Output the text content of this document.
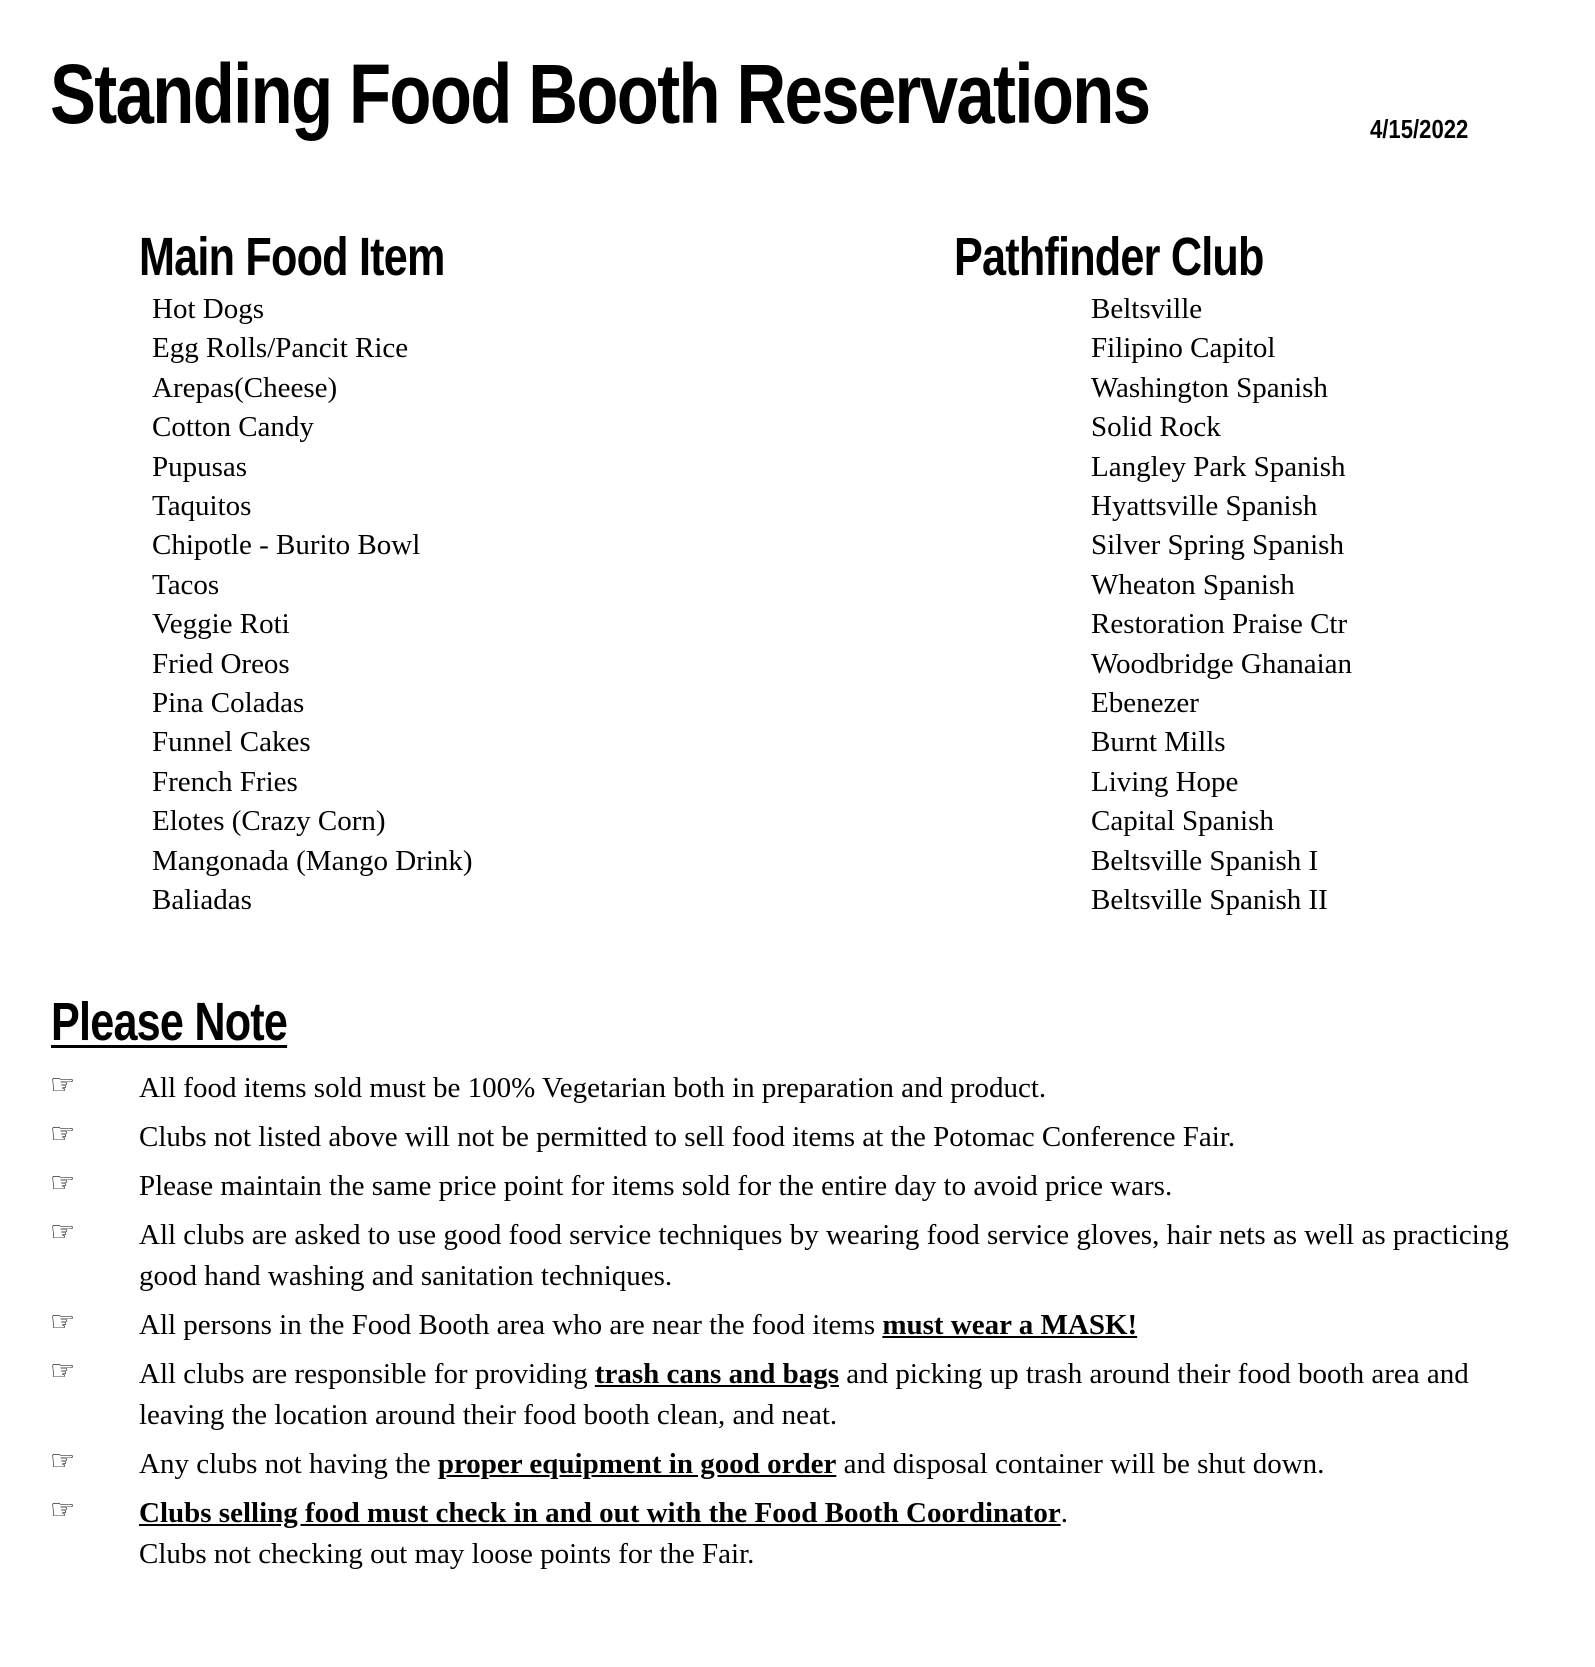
Standing Food Booth Reservations	4/15/2022
Main Food Item	Pathfinder Club
Hot Dogs
Egg Rolls/Pancit Rice
Arepas(Cheese)
Cotton Candy
Pupusas
Taquitos
Chipotle - Burito Bowl
Tacos
Veggie Roti
Fried Oreos
Pina Coladas
Funnel Cakes
French Fries
Elotes (Crazy Corn)
Mangonada (Mango Drink)
Baliadas
Beltsville
Filipino Capitol
Washington Spanish
Solid Rock
Langley Park Spanish
Hyattsville Spanish
Silver Spring Spanish
Wheaton Spanish
Restoration Praise Ctr
Woodbridge Ghanaian
Ebenezer
Burnt Mills
Living Hope
Capital Spanish
Beltsville Spanish I
Beltsville Spanish II
Please Note
☞ All food items sold must be 100% Vegetarian both in preparation and product.
☞ Clubs not listed above will not be permitted to sell food items at the Potomac Conference Fair.
☞ Please maintain the same price point for items sold for the entire day to avoid price wars.
☞ All clubs are asked to use good food service techniques by wearing food service gloves, hair nets as well as practicing good hand washing and sanitation techniques.
☞ All persons in the Food Booth area who are near the food items must wear a MASK!
☞ All clubs are responsible for providing trash cans and bags and picking up trash around their food booth area and leaving the location around their food booth clean, and neat.
☞ Any clubs not having the proper equipment in good order and disposal container will be shut down.
☞ Clubs selling food must check in and out with the Food Booth Coordinator.
Clubs not checking out may loose points for the Fair.
